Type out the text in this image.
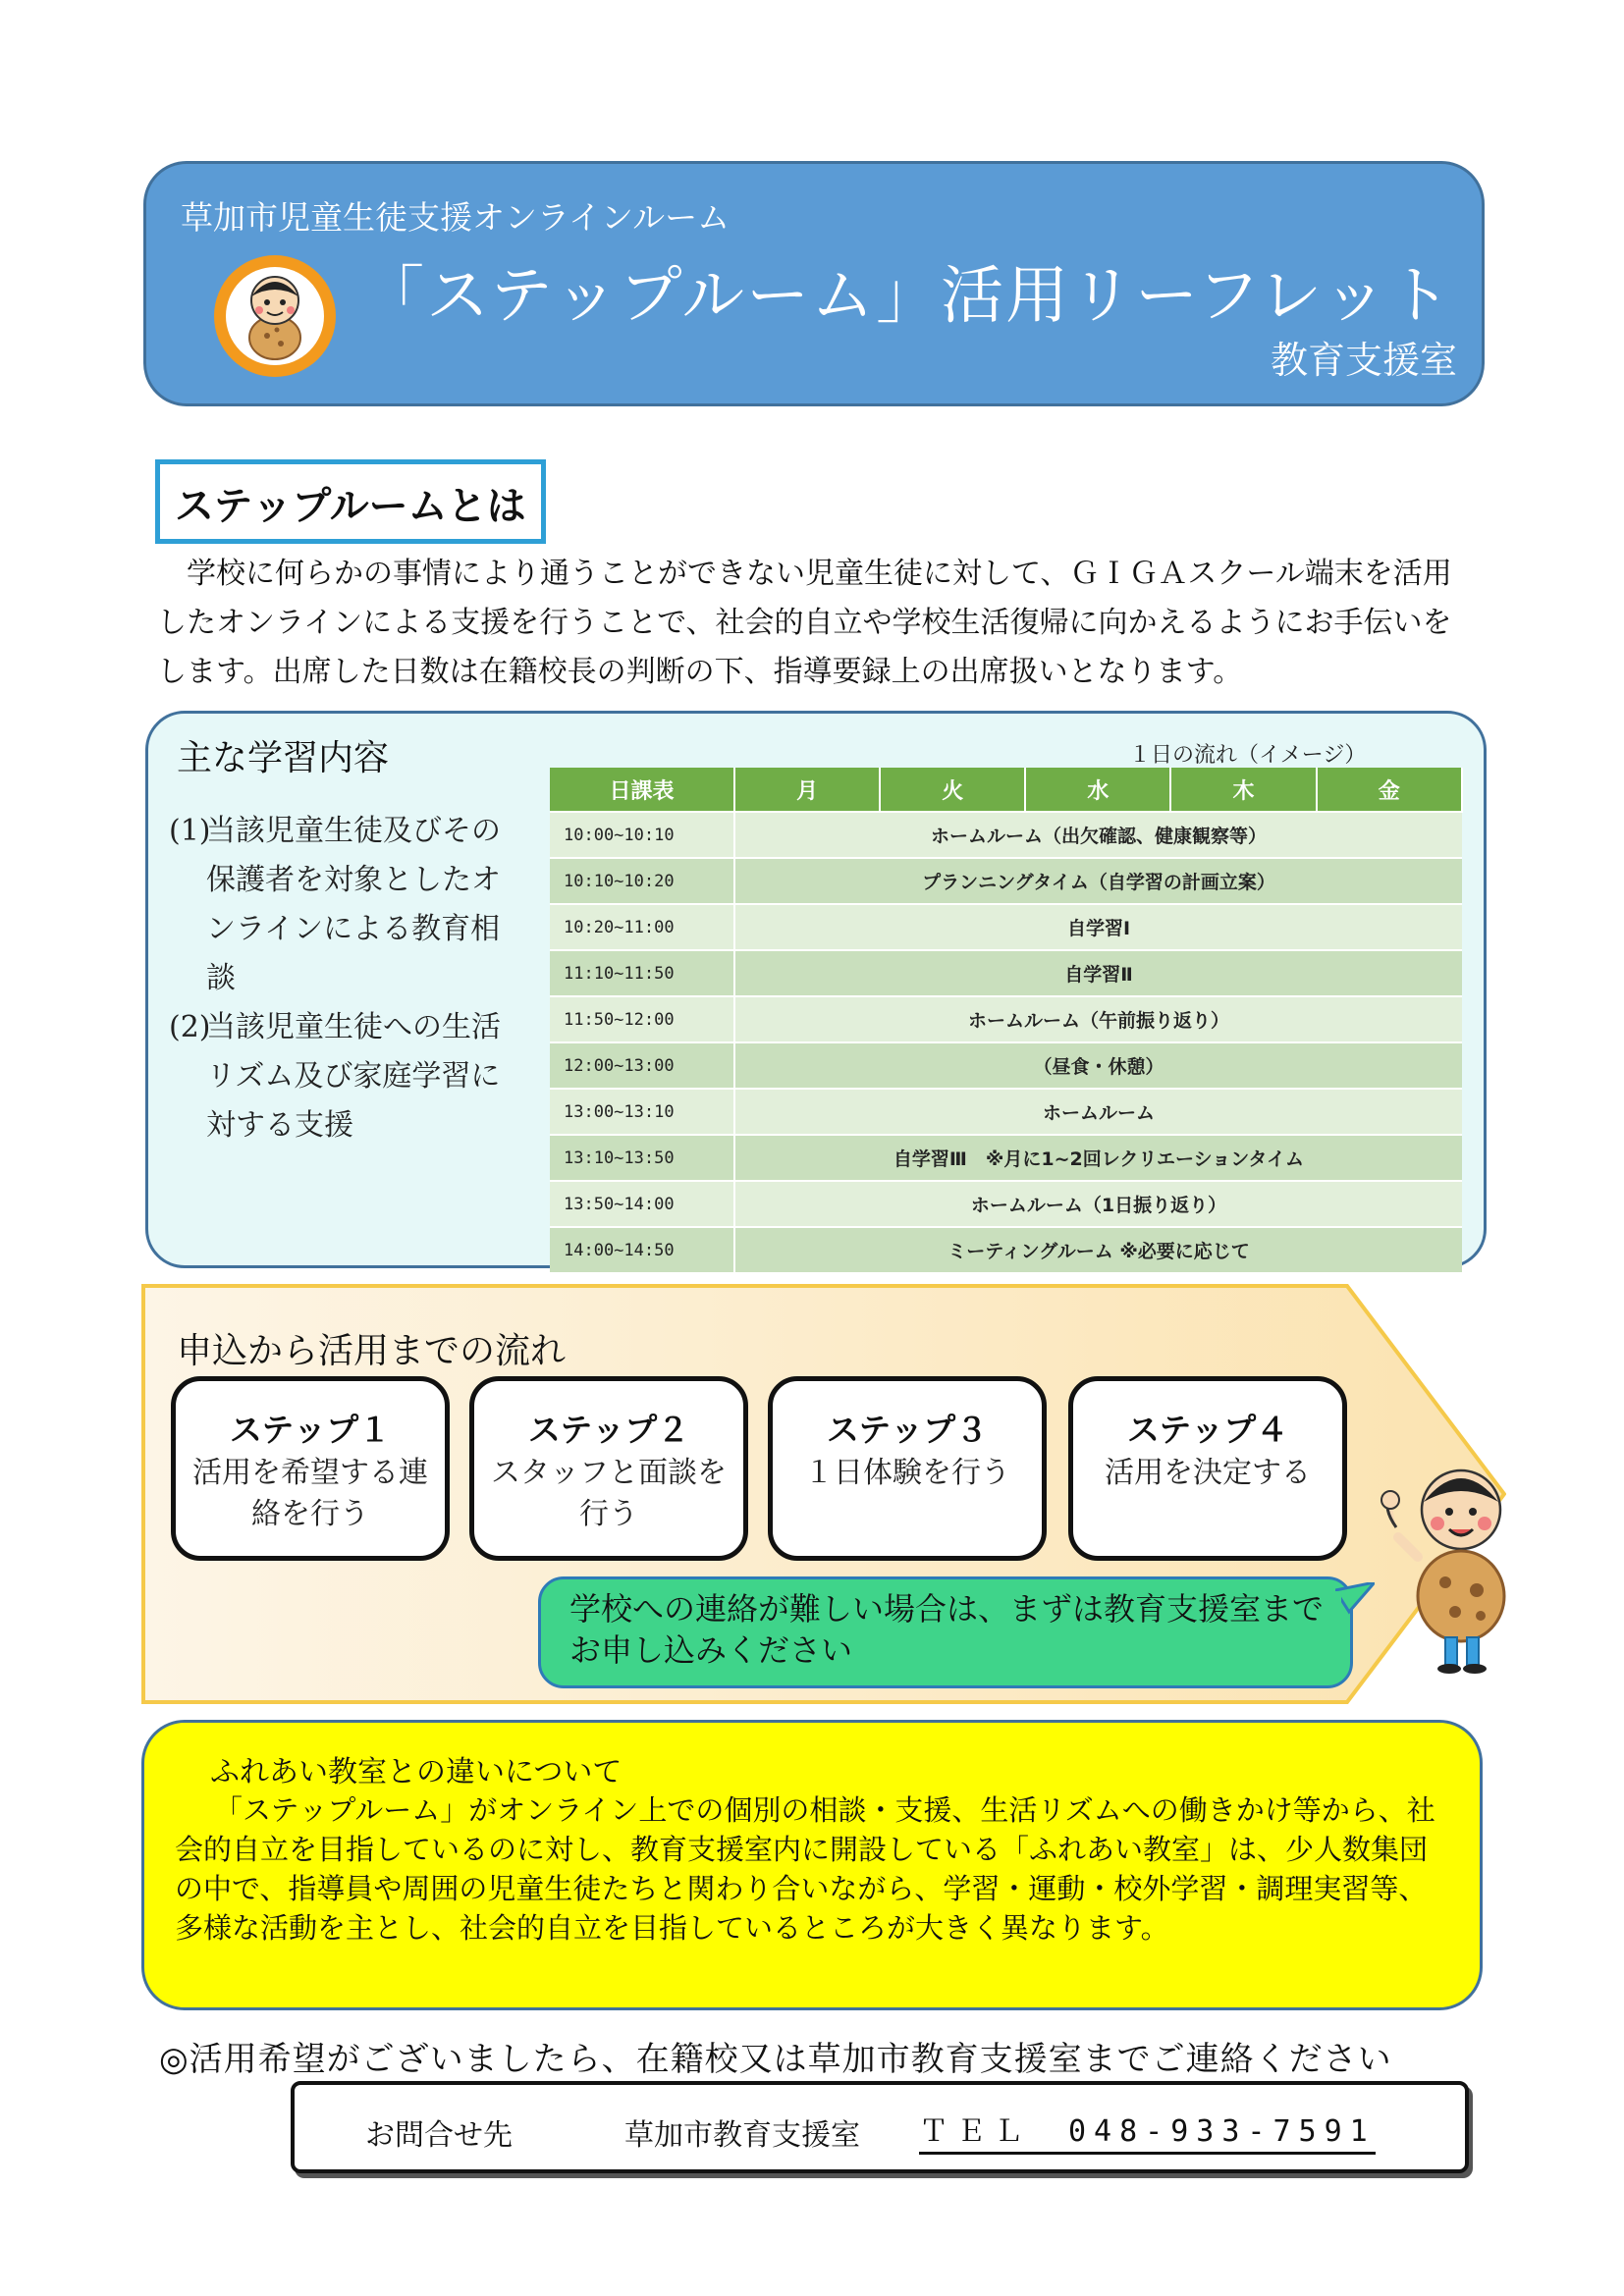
草加市児童生徒支援オンラインルーム
「ステップルーム」活用リーフレット
教育支援室
ステップルームとは
学校に何らかの事情により通うことができない児童生徒に対して、ＧＩＧＡスクール端末を活用したオンラインによる支援を行うことで、社会的自立や学校生活復帰に向かえるようにお手伝いをします。出席した日数は在籍校長の判断の下、指導要録上の出席扱いとなります。
主な学習内容	１日の流れ（イメージ）
(1)
当該児童生徒及びその保護者を対象としたオンラインによる教育相談
(2)
当該児童生徒への生活リズム及び家庭学習に対する支援
日課表	月	火	水	木	金
10:00~10:10	ホームルーム（出欠確認、健康観察等）				
10:10~10:20	プランニングタイム（自学習の計画立案）				
10:20~11:00	自学習Ⅰ				
11:10~11:50	自学習Ⅱ				
11:50~12:00	ホームルーム（午前振り返り）				
12:00~13:00	（昼食・休憩）				
13:00~13:10	ホームルーム				
13:10~13:50	自学習Ⅲ　※月に1~2回レクリエーションタイム				
13:50~14:00	ホームルーム（1日振り返り）				
14:00~14:50	ミーティングルーム ※必要に応じて				
申込から活用までの流れ
ステップ１
活用を希望する連絡を行う
ステップ２
スタッフと面談を行う
ステップ３
１日体験を行う
ステップ４
活用を決定する
学校への連絡が難しい場合は、まずは教育支援室までお申し込みください
ふれあい教室との違いについて
「ステップルーム」がオンライン上での個別の相談・支援、生活リズムへの働きかけ等から、社会的自立を目指しているのに対し、教育支援室内に開設している「ふれあい教室」は、少人数集団の中で、指導員や周囲の児童生徒たちと関わり合いながら、学習・運動・校外学習・調理実習等、多様な活動を主とし、社会的自立を目指しているところが大きく異なります。
◎活用希望がございましたら、在籍校又は草加市教育支援室までご連絡ください
お問合せ先	草加市教育支援室 ＴＥＬ　048-933-7591
